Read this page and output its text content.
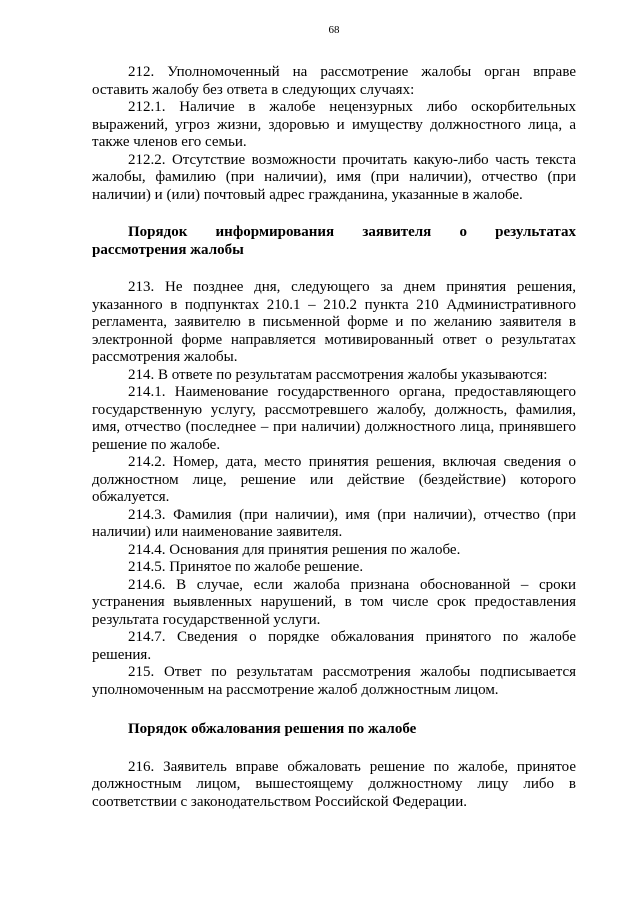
68

212. Уполномоченный на рассмотрение жалобы орган вправе оставить жалобу без ответа в следующих случаях:

212.1. Наличие в жалобе нецензурных либо оскорбительных выражений, угроз жизни, здоровью и имуществу должностного лица, а также членов его семьи.

212.2. Отсутствие возможности прочитать какую-либо часть текста жалобы, фамилию (при наличии), имя (при наличии), отчество (при наличии) и (или) почтовый адрес гражданина, указанные в жалобе.

Порядок информирования заявителя о результатах рассмотрения жалобы

213. Не позднее дня, следующего за днем принятия решения, указанного в подпунктах 210.1 – 210.2 пункта 210 Административного регламента, заявителю в письменной форме и по желанию заявителя в электронной форме направляется мотивированный ответ о результатах рассмотрения жалобы.

214. В ответе по результатам рассмотрения жалобы указываются:

214.1. Наименование государственного органа, предоставляющего государственную услугу, рассмотревшего жалобу, должность, фамилия, имя, отчество (последнее – при наличии) должностного лица, принявшего решение по жалобе.

214.2. Номер, дата, место принятия решения, включая сведения о должностном лице, решение или действие (бездействие) которого обжалуется.

214.3. Фамилия (при наличии), имя (при наличии), отчество (при наличии) или наименование заявителя.

214.4. Основания для принятия решения по жалобе.

214.5. Принятое по жалобе решение.

214.6. В случае, если жалоба признана обоснованной – сроки устранения выявленных нарушений, в том числе срок предоставления результата государственной услуги.

214.7. Сведения о порядке обжалования принятого по жалобе решения.

215. Ответ по результатам рассмотрения жалобы подписывается уполномоченным на рассмотрение жалоб должностным лицом.

Порядок обжалования решения по жалобе

216. Заявитель вправе обжаловать решение по жалобе, принятое должностным лицом, вышестоящему должностному лицу либо в соответствии с законодательством Российской Федерации.
